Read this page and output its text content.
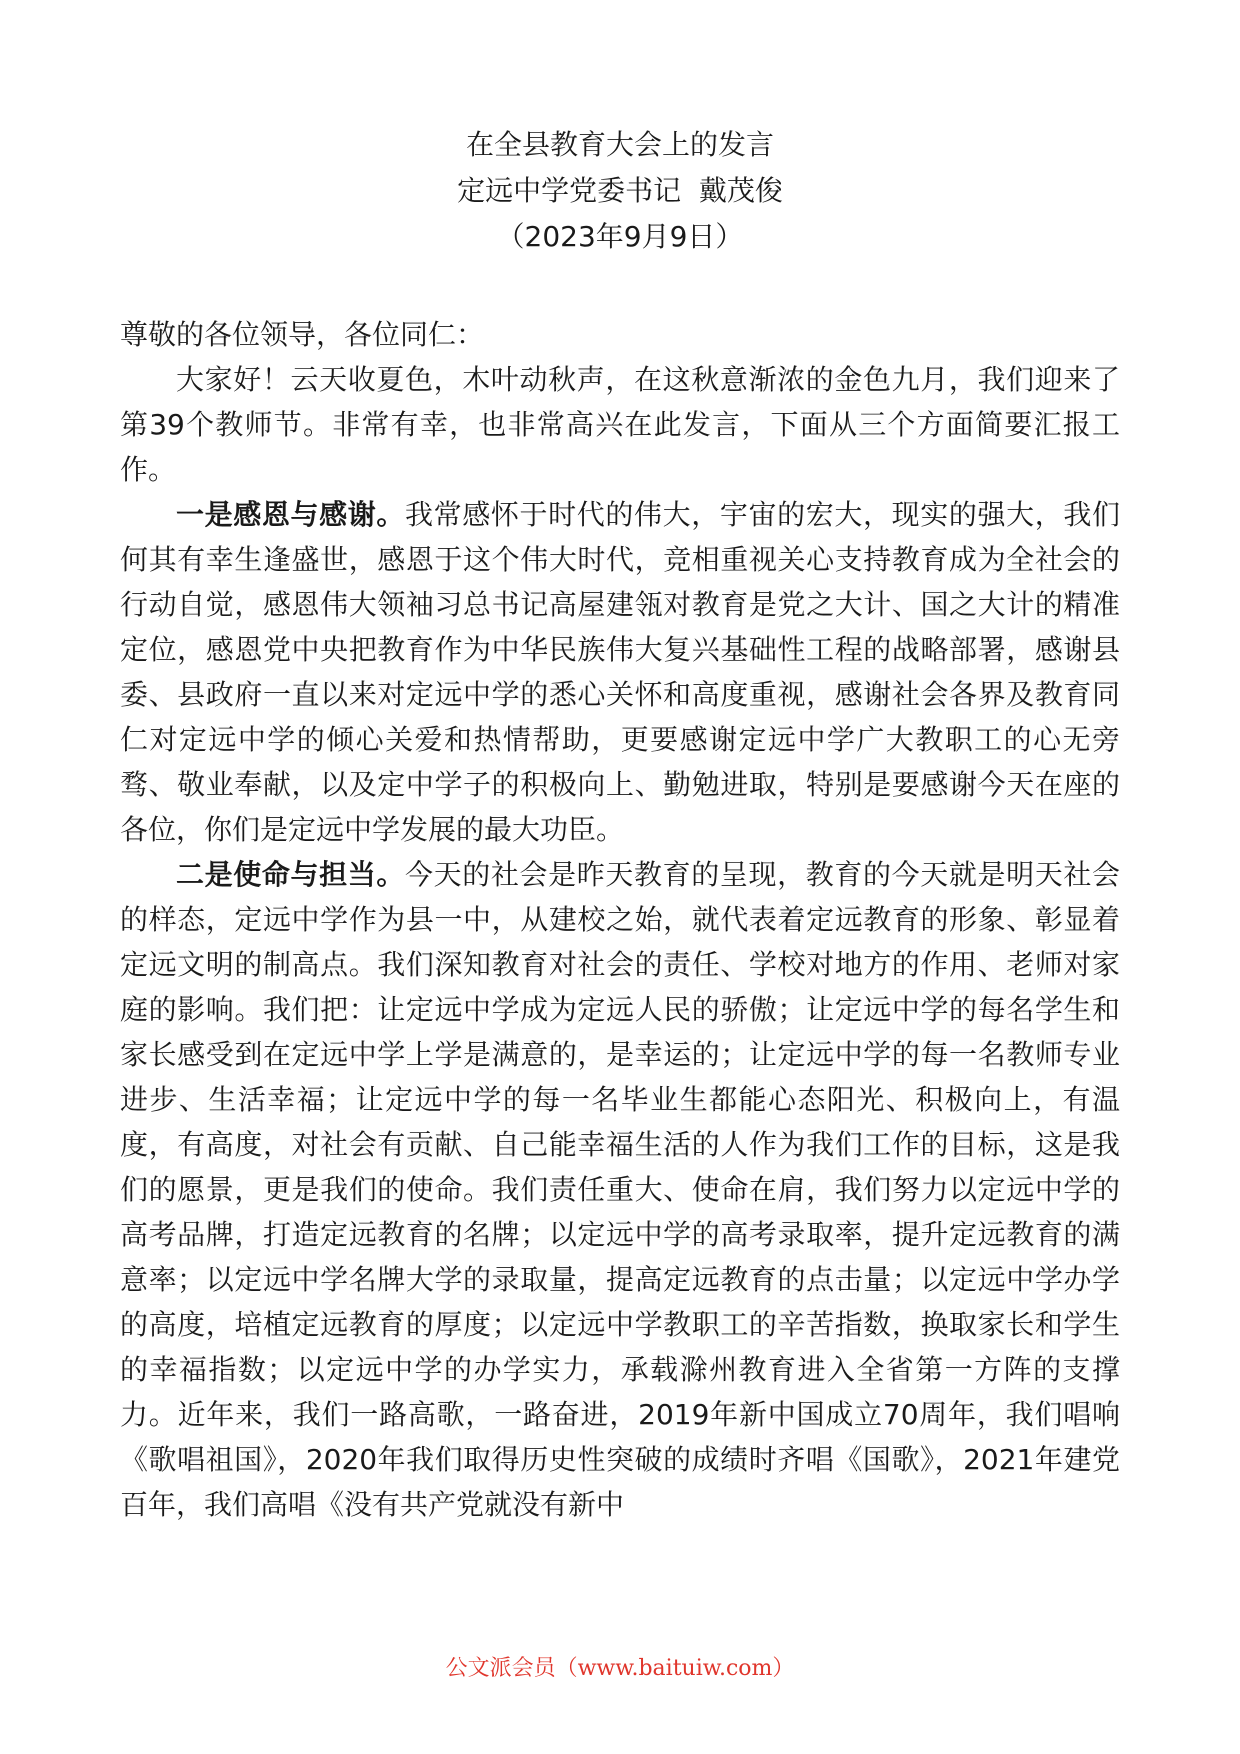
在全县教育大会上的发言
定远中学党委书记  戴茂俊
（2023年9月9日）

尊敬的各位领导，各位同仁：

大家好！云天收夏色，木叶动秋声，在这秋意渐浓的金色九月，我们迎来了第39个教师节。非常有幸，也非常高兴在此发言，下面从三个方面简要汇报工作。

一是感恩与感谢。我常感怀于时代的伟大，宇宙的宏大，现实的强大，我们何其有幸生逢盛世，感恩于这个伟大时代，竞相重视关心支持教育成为全社会的行动自觉，感恩伟大领袖习总书记高屋建瓴对教育是党之大计、国之大计的精准定位，感恩党中央把教育作为中华民族伟大复兴基础性工程的战略部署，感谢县委、县政府一直以来对定远中学的悉心关怀和高度重视，感谢社会各界及教育同仁对定远中学的倾心关爱和热情帮助，更要感谢定远中学广大教职工的心无旁骛、敬业奉献，以及定中学子的积极向上、勤勉进取，特别是要感谢今天在座的各位，你们是定远中学发展的最大功臣。

二是使命与担当。今天的社会是昨天教育的呈现，教育的今天就是明天社会的样态，定远中学作为县一中，从建校之始，就代表着定远教育的形象、彰显着定远文明的制高点。我们深知教育对社会的责任、学校对地方的作用、老师对家庭的影响。我们把：让定远中学成为定远人民的骄傲；让定远中学的每名学生和家长感受到在定远中学上学是满意的，是幸运的；让定远中学的每一名教师专业进步、生活幸福；让定远中学的每一名毕业生都能心态阳光、积极向上，有温度，有高度，对社会有贡献、自己能幸福生活的人作为我们工作的目标，这是我们的愿景，更是我们的使命。我们责任重大、使命在肩，我们努力以定远中学的高考品牌，打造定远教育的名牌；以定远中学的高考录取率，提升定远教育的满意率；以定远中学名牌大学的录取量，提高定远教育的点击量；以定远中学办学的高度，培植定远教育的厚度；以定远中学教职工的辛苦指数，换取家长和学生的幸福指数；以定远中学的办学实力，承载滁州教育进入全省第一方阵的支撑力。近年来，我们一路高歌，一路奋进，2019年新中国成立70周年，我们唱响《歌唱祖国》，2020年我们取得历史性突破的成绩时齐唱《国歌》，2021年建党百年，我们高唱《没有共产党就没有新中

公文派会员（www.baituiw.com）
